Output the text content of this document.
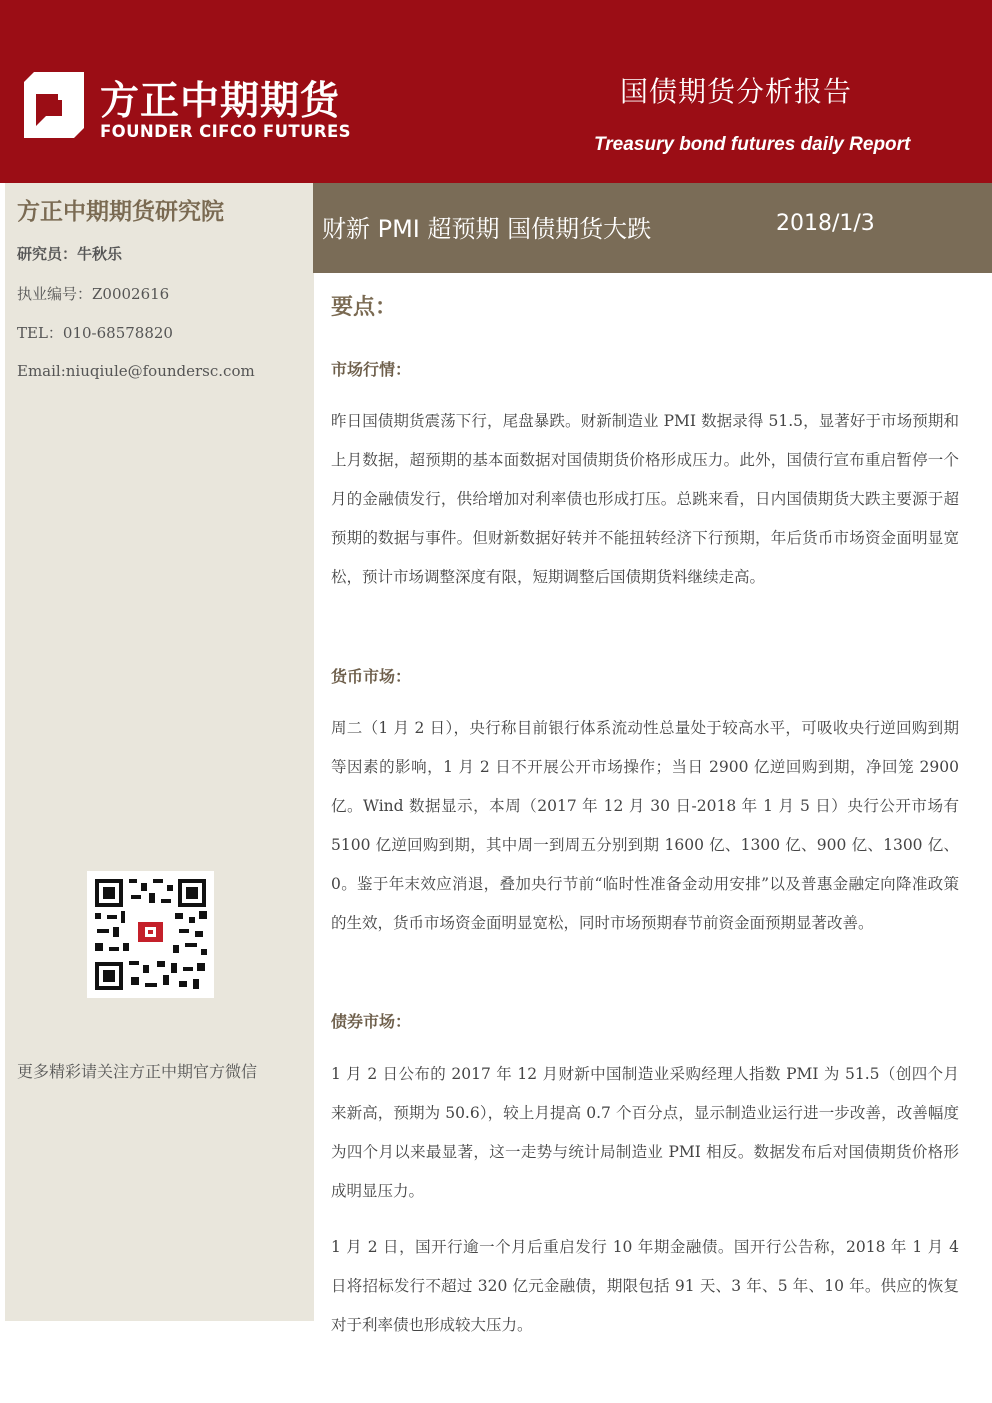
方正中期期货
FOUNDER CIFCO FUTURES
国债期货分析报告
Treasury bond futures daily Report
方正中期期货研究院
研究员：牛秋乐
执业编号：Z0002616
TEL：010-68578820
Email:niuqiule@foundersc.com
更多精彩请关注方正中期官方微信
财新 PMI 超预期 国债期货大跌	2018/1/3
要点：
市场行情：
昨日国债期货震荡下行，尾盘暴跌。财新制造业 PMI 数据录得 51.5，显著好于市场预期和上月数据，超预期的基本面数据对国债期货价格形成压力。此外，国债行宣布重启暂停一个月的金融债发行，供给增加对利率债也形成打压。总跳来看，日内国债期货大跌主要源于超预期的数据与事件。但财新数据好转并不能扭转经济下行预期，年后货币市场资金面明显宽松，预计市场调整深度有限，短期调整后国债期货料继续走高。
货币市场：
周二（1 月 2 日），央行称目前银行体系流动性总量处于较高水平，可吸收央行逆回购到期等因素的影响，1 月 2 日不开展公开市场操作；当日 2900 亿逆回购到期，净回笼 2900 亿。Wind 数据显示，本周（2017 年 12 月 30 日-2018 年 1 月 5 日）央行公开市场有 5100 亿逆回购到期，其中周一到周五分别到期 1600 亿、1300 亿、900 亿、1300 亿、0。鉴于年末效应消退，叠加央行节前“临时性准备金动用安排”以及普惠金融定向降准政策的生效，货币市场资金面明显宽松，同时市场预期春节前资金面预期显著改善。
债券市场：
1 月 2 日公布的 2017 年 12 月财新中国制造业采购经理人指数 PMI 为 51.5（创四个月来新高，预期为 50.6），较上月提高 0.7 个百分点，显示制造业运行进一步改善，改善幅度为四个月以来最显著，这一走势与统计局制造业 PMI 相反。数据发布后对国债期货价格形成明显压力。
1 月 2 日，国开行逾一个月后重启发行 10 年期金融债。国开行公告称，2018 年 1 月 4 日将招标发行不超过 320 亿元金融债，期限包括 91 天、3 年、5 年、10 年。供应的恢复对于利率债也形成较大压力。
